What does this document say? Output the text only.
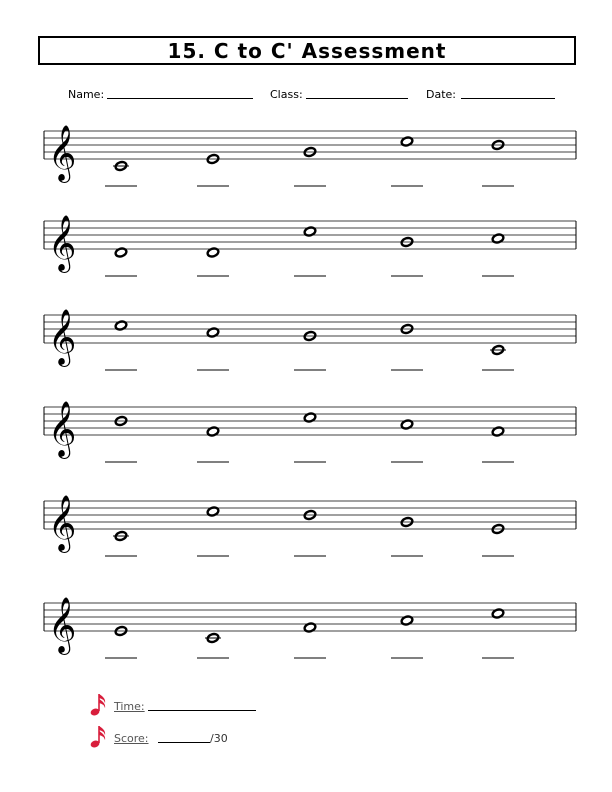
15. C to C' Assessment
Name:	Class:	Date:
𝄞
𝄞
𝄞
𝄞
𝄞
𝄞
Time:
Score:	/30
